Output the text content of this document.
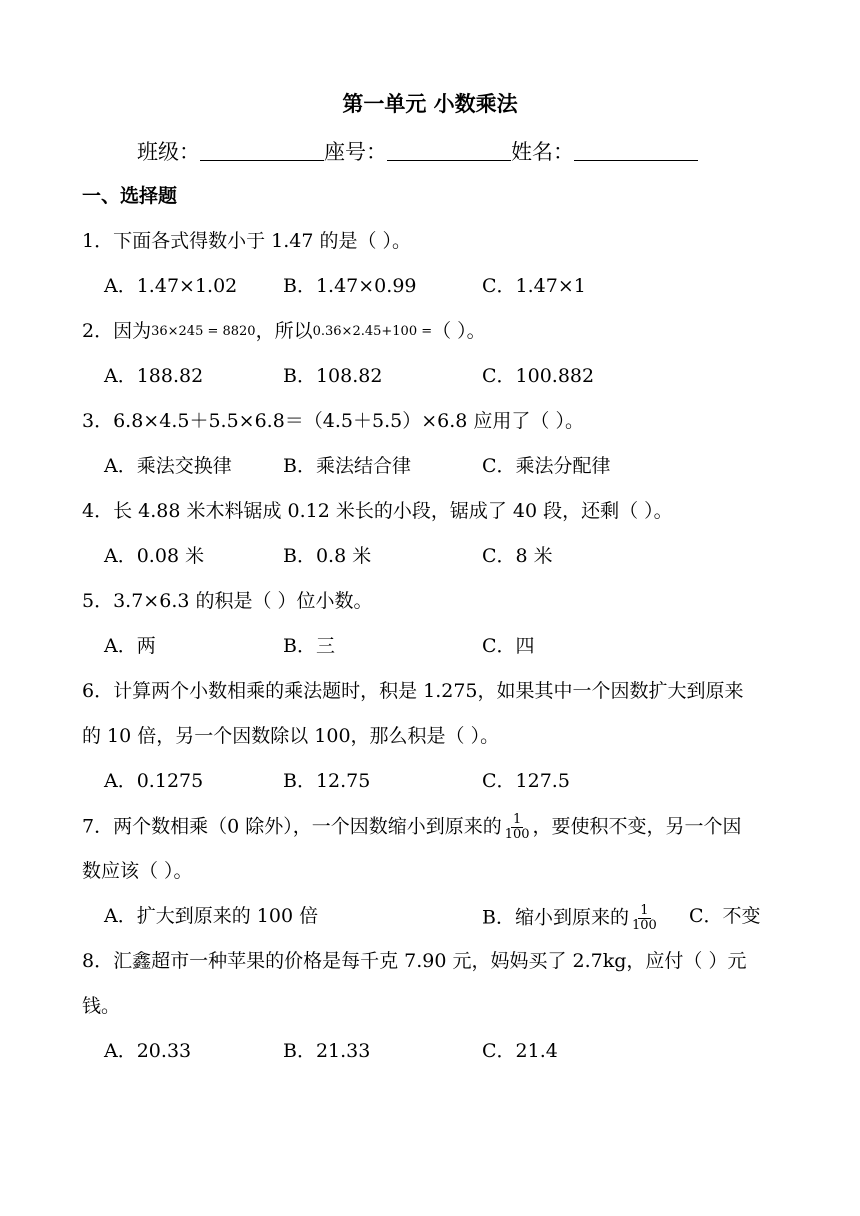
第一单元 小数乘法
班级：	座号：	姓名：
一、选择题
1．下面各式得数小于 1.47 的是（ ）。
A．1.47×1.02 B．1.47×0.99	C．1.47×1
2．因为36×245 = 8820，所以0.36×2.45+100 =（ ）。
A．188.82	B．108.82	C．100.882
3．6.8×4.5＋5.5×6.8＝（4.5＋5.5）×6.8 应用了（ ）。
A．乘法交换律	B．乘法结合律	C．乘法分配律
4．长 4.88 米木料锯成 0.12 米长的小段，锯成了 40 段，还剩（ ）。
A．0.08 米	B．0.8 米	C．8 米
5．3.7×6.3 的积是（ ）位小数。
A．两	B．三	C．四
6．计算两个小数相乘的乘法题时，积是 1.275，如果其中一个因数扩大到原来
的 10 倍，另一个因数除以 100，那么积是（ ）。
A．0.1275	B．12.75	C．127.5
7．两个数相乘（0 除外），一个因数缩小到原来的 $\frac{1}{100}$ ，要使积不变，另一个因
数应该（ ）。
A．扩大到原来的 100 倍	B．缩小到原来的 $\frac{1}{100}$ C．不变
8．汇鑫超市一种苹果的价格是每千克 7.90 元，妈妈买了 2.7kg，应付（ ）元
钱。
A．20.33	B．21.33	C．21.4
